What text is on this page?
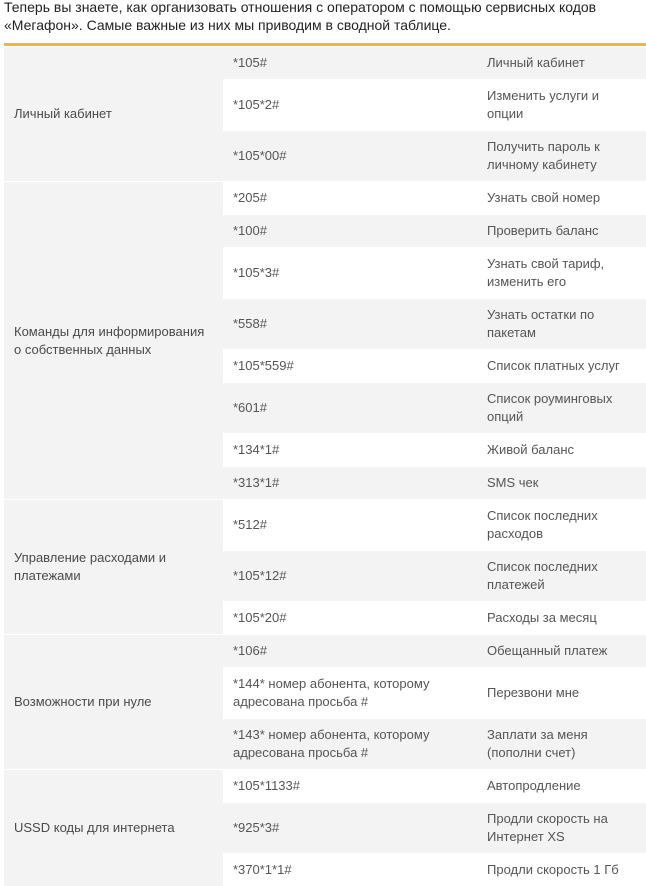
Теперь вы знаете, как организовать отношения с оператором с помощью сервисных кодов «Мегафон». Самые важные из них мы приводим в сводной таблице.

Личный кабинет	*105#	Личный кабинет
	*105*2#	Изменить услуги и опции
	*105*00#	Получить пароль к личному кабинету
Команды для информирования о собственных данных	*205#	Узнать свой номер
	*100#	Проверить баланс
	*105*3#	Узнать свой тариф, изменить его
	*558#	Узнать остатки по пакетам
	*105*559#	Список платных услуг
	*601#	Список роуминговых опций
	*134*1#	Живой баланс
	*313*1#	SMS чек
Управление расходами и платежами	*512#	Список последних расходов
	*105*12#	Список последних платежей
	*105*20#	Расходы за месяц
Возможности при нуле	*106#	Обещанный платеж
	*144* номер абонента, которому адресована просьба #	Перезвони мне
	*143* номер абонента, которому адресована просьба #	Заплати за меня (пополни счет)
USSD коды для интернета	*105*1133#	Автопродление
	*925*3#	Продли скорость на Интернет XS
	*370*1*1#	Продли скорость 1 Гб
